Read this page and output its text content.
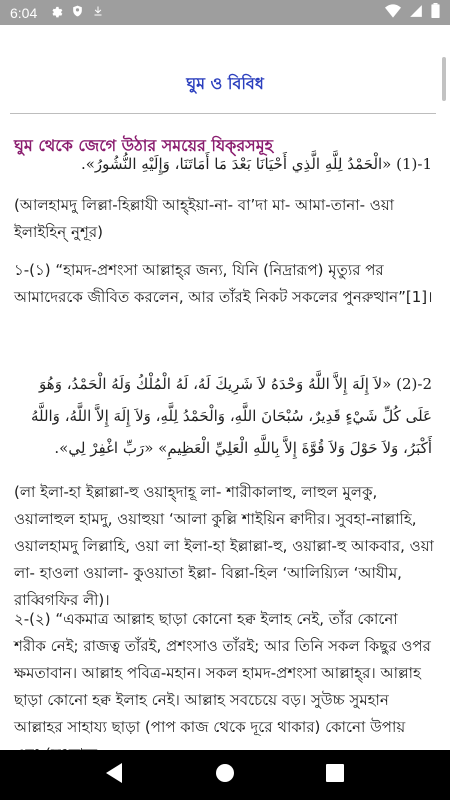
6:04
ঘুম ও বিবিধ
ঘুম থেকে জেগে উঠার সময়ের যিক্‌রসমূহ
1-(1) «الْحَمْدُ لِلَّهِ الَّذِي أَحْيَانَا بَعْدَ مَا أَمَاتَنَا، وَإِلَيْهِ النُّشُورُ».
(আলহামদু লিল্লা-হিল্লাযী আহ্‌ইয়া-না- বা’দা মা- আমা-তানা- ওয়া ইলাইহিন্ নুশূর)
১-(১) “হামদ-প্রশংসা আল্লাহ্‌র জন্য, যিনি (নিদ্রারূপ) মৃত্যুর পর আমাদেরকে জীবিত করলেন, আর তাঁরই নিকট সকলের পুনরুত্থান”[1]।
2-(2) «لاَ إِلَهَ إِلاَّ اللَّهُ وَحْدَهُ لاَ شَرِيكَ لَهُ، لَهُ الْمُلْكُ وَلَهُ الْحَمْدُ، وَهُوَ عَلَى كُلِّ شَيْءٍ قَدِيرٌ، سُبْحَانَ اللَّهِ، وَالْحَمْدُ لِلَّهِ، وَلاَ إِلَهَ إِلاَّ اللَّهُ، وَاللَّهُ أَكْبَرُ، وَلاَ حَوْلَ وَلاَ قُوَّةَ إِلاَّ بِاللَّهِ الْعَلِيِّ الْعَظِيمِ» «رَبِّ اغْفِرْ لِي».
(লা ইলা-হা ইল্লাল্লা-হু ওয়াহ্‌দাহূ লা- শারীকালাহু, লাহুল মুলকু, ওয়ালাহুল হামদু, ওয়াহুয়া ‘আলা কুল্লি শাইয়িন ক্বাদীর। সুবহা-নাল্লাহি, ওয়ালহামদু লিল্লাহি, ওয়া লা ইলা-হা ইল্লাল্লা-হু, ওয়াল্লা-হু আকবার, ওয়া লা- হাওলা ওয়ালা- কুওয়াতা ইল্লা- বিল্লা-হিল ‘আলিয়্যিল ‘আযীম, রাব্বিগফির লী)।
২-(২) “একমাত্র আল্লাহ ছাড়া কোনো হক্ব ইলাহ নেই, তাঁর কোনো শরীক নেই; রাজত্ব তাঁরই, প্রশংসাও তাঁরই; আর তিনি সকল কিছুর ওপর ক্ষমতাবান। আল্লাহ পবিত্র-মহান। সকল হামদ-প্রশংসা আল্লাহ্‌র। আল্লাহ ছাড়া কোনো হক্ব ইলাহ নেই। আল্লাহ সবচেয়ে বড়। সুউচ্চ সুমহান আল্লাহর সাহায্য ছাড়া (পাপ কাজ থেকে দূরে থাকার) কোনো উপায়
